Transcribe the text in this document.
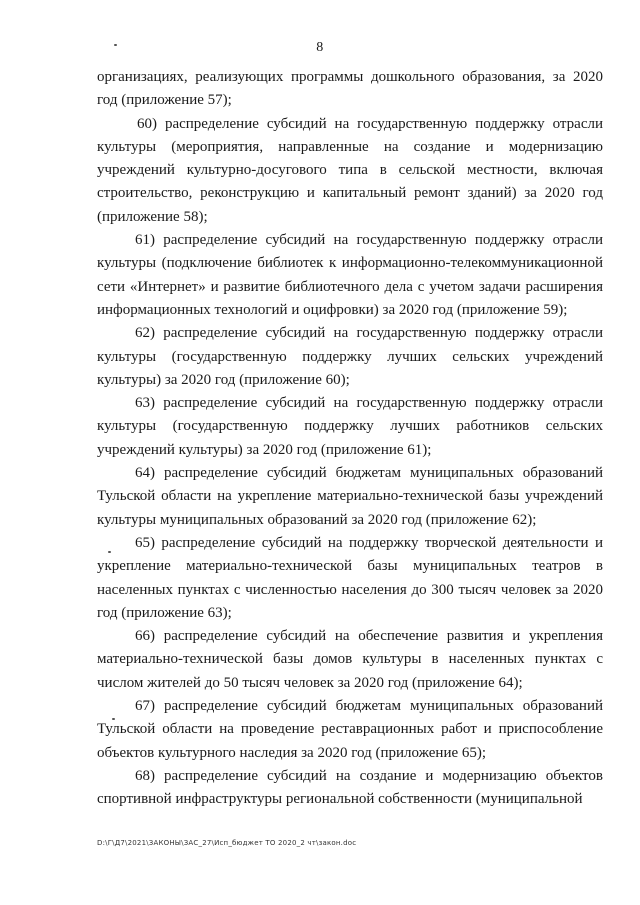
8

организациях, реализующих программы дошкольного образования, за 2020 год (приложение 57);

60) распределение субсидий на государственную поддержку отрасли культуры (мероприятия, направленные на создание и модернизацию учреждений культурно-досугового типа в сельской местности, включая строительство, реконструкцию и капитальный ремонт зданий) за 2020 год (приложение 58);

61) распределение субсидий на государственную поддержку отрасли культуры (подключение библиотек к информационно-телекоммуникационной сети «Интернет» и развитие библиотечного дела с учетом задачи расширения информационных технологий и оцифровки) за 2020 год (приложение 59);

62) распределение субсидий на государственную поддержку отрасли культуры (государственную поддержку лучших сельских учреждений культуры) за 2020 год (приложение 60);

63) распределение субсидий на государственную поддержку отрасли культуры (государственную поддержку лучших работников сельских учреждений культуры) за 2020 год (приложение 61);

64) распределение субсидий бюджетам муниципальных образований Тульской области на укрепление материально-технической базы учреждений культуры муниципальных образований за 2020 год (приложение 62);

65) распределение субсидий на поддержку творческой деятельности и укрепление материально-технической базы муниципальных театров в населенных пунктах с численностью населения до 300 тысяч человек за 2020 год (приложение 63);

66) распределение субсидий на обеспечение развития и укрепления материально-технической базы домов культуры в населенных пунктах с числом жителей до 50 тысяч человек за 2020 год (приложение 64);

67) распределение субсидий бюджетам муниципальных образований Тульской области на проведение реставрационных работ и приспособление объектов культурного наследия за 2020 год (приложение 65);

68) распределение субсидий на создание и модернизацию объектов спортивной инфраструктуры региональной собственности (муниципальной

D:\Г\Д7\2021\ЗАКОНЫ\ЗАС_27\Исп_бюджет ТО 2020_2 чт\закон.doc
